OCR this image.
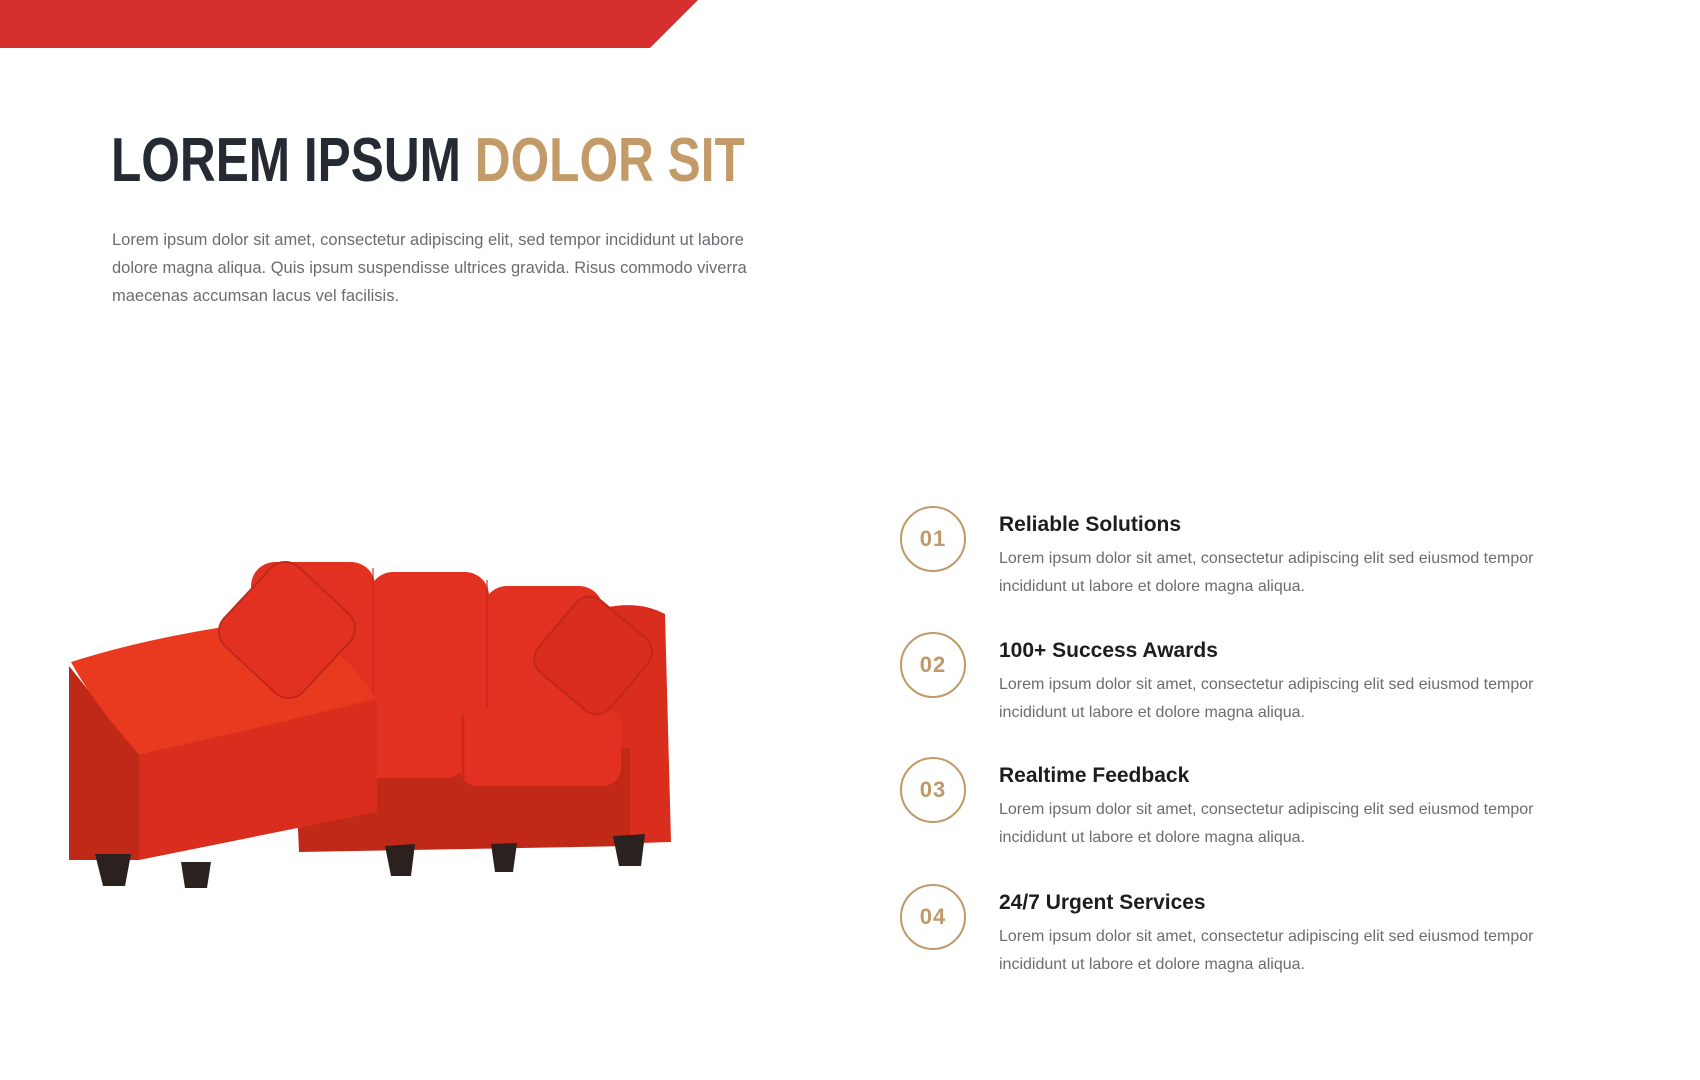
LOREM IPSUM DOLOR SIT

Lorem ipsum dolor sit amet, consectetur adipiscing elit, sed tempor incididunt ut labore dolore magna aliqua. Quis ipsum suspendisse ultrices gravida. Risus commodo viverra maecenas accumsan lacus vel facilisis.

01
Reliable Solutions

Lorem ipsum dolor sit amet, consectetur adipiscing elit sed eiusmod tempor incididunt ut labore et dolore magna aliqua.

02
100+ Success Awards

Lorem ipsum dolor sit amet, consectetur adipiscing elit sed eiusmod tempor incididunt ut labore et dolore magna aliqua.

03
Realtime Feedback

Lorem ipsum dolor sit amet, consectetur adipiscing elit sed eiusmod tempor incididunt ut labore et dolore magna aliqua.

04
24/7 Urgent Services

Lorem ipsum dolor sit amet, consectetur adipiscing elit sed eiusmod tempor incididunt ut labore et dolore magna aliqua.
